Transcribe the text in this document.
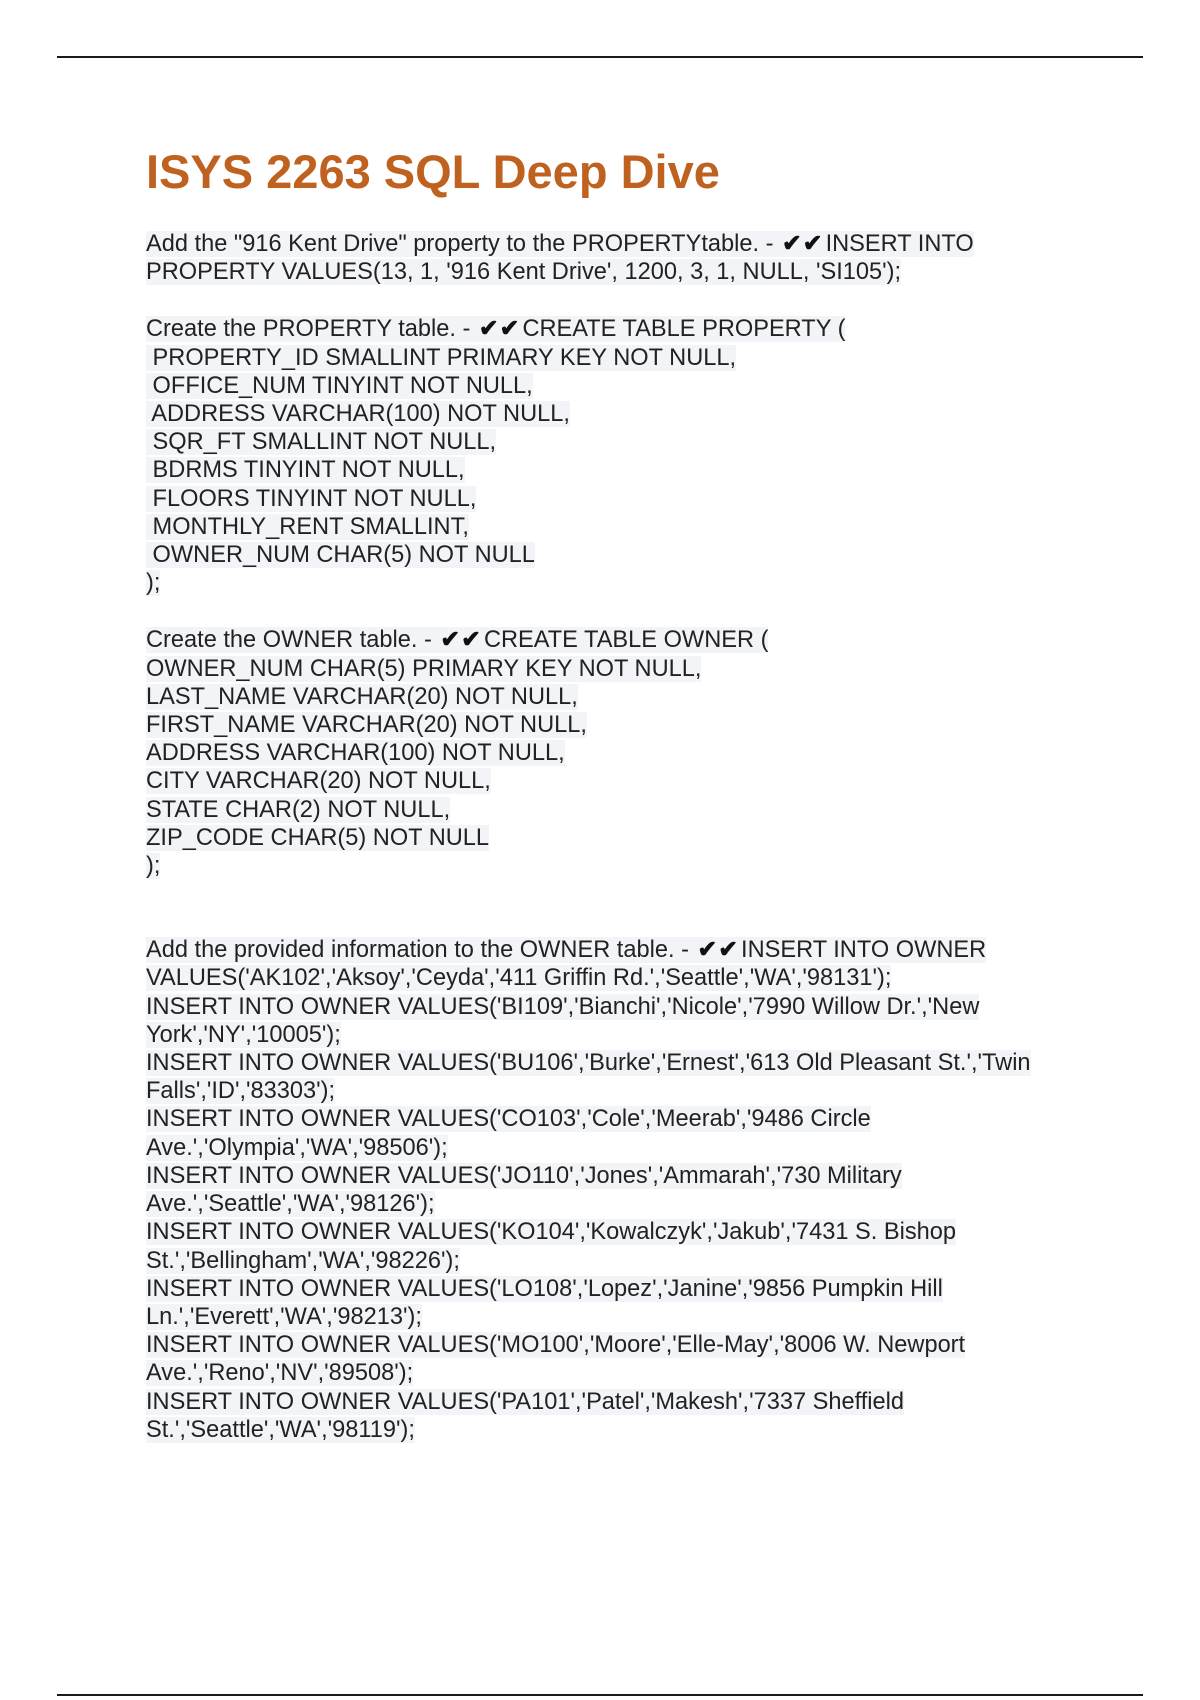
ISYS 2263 SQL Deep Dive
Add the "916 Kent Drive" property to the PROPERTYtable. - ✔✔INSERT INTO
PROPERTY VALUES(13, 1, '916 Kent Drive', 1200, 3, 1, NULL, 'SI105');
Create the PROPERTY table. - ✔✔CREATE TABLE PROPERTY (
PROPERTY_ID SMALLINT PRIMARY KEY NOT NULL,
OFFICE_NUM TINYINT NOT NULL,
ADDRESS VARCHAR(100) NOT NULL,
SQR_FT SMALLINT NOT NULL,
BDRMS TINYINT NOT NULL,
FLOORS TINYINT NOT NULL,
MONTHLY_RENT SMALLINT,
OWNER_NUM CHAR(5) NOT NULL
);
Create the OWNER table. - ✔✔CREATE TABLE OWNER (
OWNER_NUM CHAR(5) PRIMARY KEY NOT NULL,
LAST_NAME VARCHAR(20) NOT NULL,
FIRST_NAME VARCHAR(20) NOT NULL,
ADDRESS VARCHAR(100) NOT NULL,
CITY VARCHAR(20) NOT NULL,
STATE CHAR(2) NOT NULL,
ZIP_CODE CHAR(5) NOT NULL
);
Add the provided information to the OWNER table. - ✔✔INSERT INTO OWNER
VALUES('AK102','Aksoy','Ceyda','411 Griffin Rd.','Seattle','WA','98131');
INSERT INTO OWNER VALUES('BI109','Bianchi','Nicole','7990 Willow Dr.','New
York','NY','10005');
INSERT INTO OWNER VALUES('BU106','Burke','Ernest','613 Old Pleasant St.','Twin
Falls','ID','83303');
INSERT INTO OWNER VALUES('CO103','Cole','Meerab','9486 Circle
Ave.','Olympia','WA','98506');
INSERT INTO OWNER VALUES('JO110','Jones','Ammarah','730 Military
Ave.','Seattle','WA','98126');
INSERT INTO OWNER VALUES('KO104','Kowalczyk','Jakub','7431 S. Bishop
St.','Bellingham','WA','98226');
INSERT INTO OWNER VALUES('LO108','Lopez','Janine','9856 Pumpkin Hill
Ln.','Everett','WA','98213');
INSERT INTO OWNER VALUES('MO100','Moore','Elle-May','8006 W. Newport
Ave.','Reno','NV','89508');
INSERT INTO OWNER VALUES('PA101','Patel','Makesh','7337 Sheffield
St.','Seattle','WA','98119');
